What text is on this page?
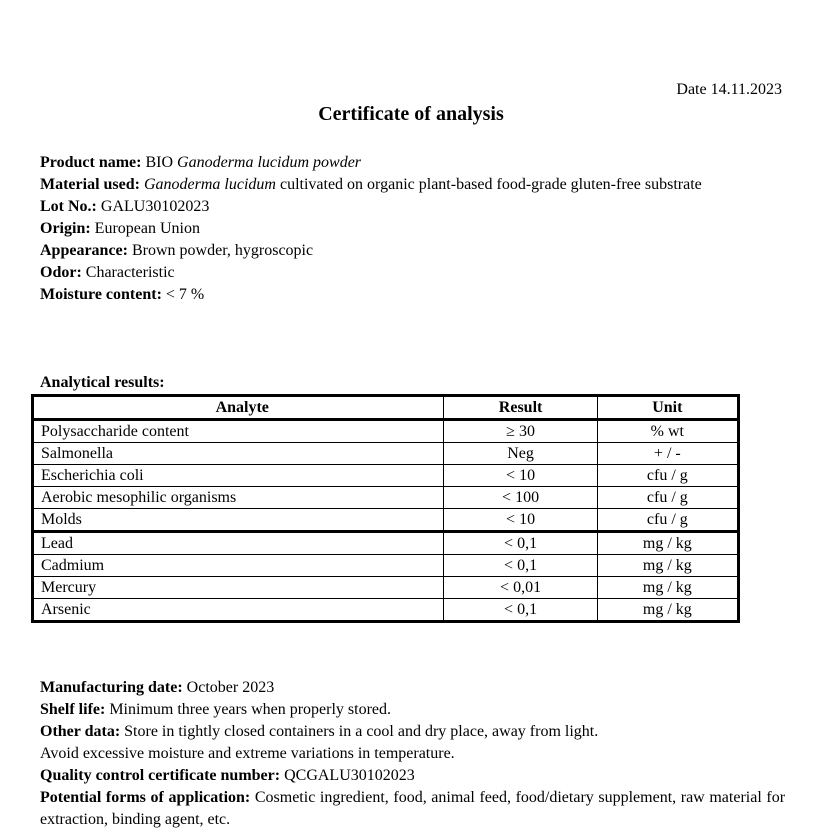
Date 14.11.2023
Certificate of analysis

Product name: BIO Ganoderma lucidum powder

Material used: Ganoderma lucidum cultivated on organic plant-based food-grade gluten-free substrate

Lot No.: GALU30102023

Origin: European Union

Appearance: Brown powder, hygroscopic

Odor: Characteristic

Moisture content: < 7 %

Analytical results:
Analyte	Result	Unit
Polysaccharide content	≥ 30	% wt
Salmonella	Neg	+ / -
Escherichia coli	< 10	cfu / g
Aerobic mesophilic organisms	< 100	cfu / g
Molds	< 10	cfu / g
Lead	< 0,1	mg / kg
Cadmium	< 0,1	mg / kg
Mercury	< 0,01	mg / kg
Arsenic	< 0,1	mg / kg

Manufacturing date: October 2023

Shelf life: Minimum three years when properly stored.

Other data: Store in tightly closed containers in a cool and dry place, away from light.

Avoid excessive moisture and extreme variations in temperature.

Quality control certificate number: QCGALU30102023

Potential forms of application: Cosmetic ingredient, food, animal feed, food/dietary supplement, raw material for extraction, binding agent, etc.
